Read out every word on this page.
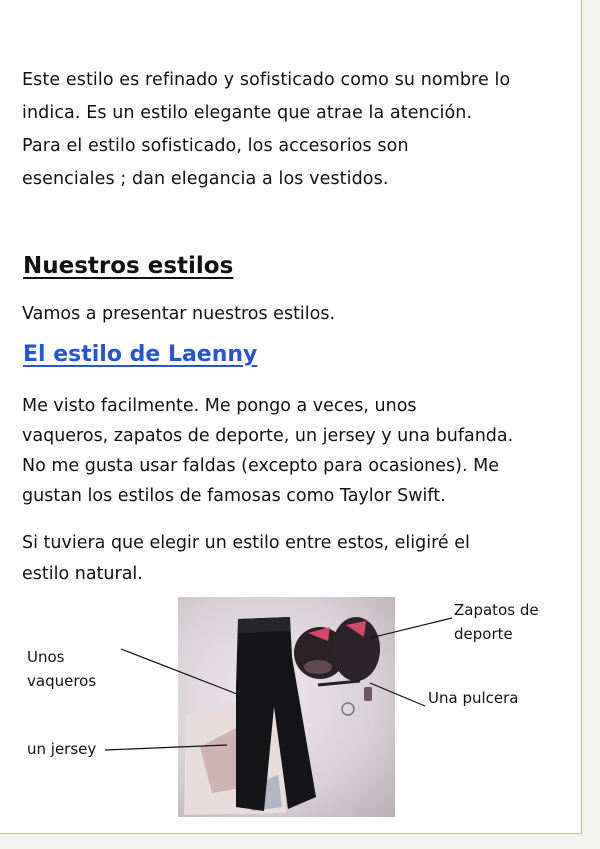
Este estilo es refinado y sofisticado como su nombre lo
indica. Es un estilo elegante que atrae la atención.
Para el estilo sofisticado, los accesorios son
esenciales ; dan elegancia a los vestidos.
Nuestros estilos

Vamos a presentar nuestros estilos.

El estilo de Laenny
Me visto facilmente. Me pongo a veces, unos
vaqueros, zapatos de deporte, un jersey y una bufanda.
No me gusta usar faldas (excepto para ocasiones). Me
gustan los estilos de famosas como Taylor Swift.
Si tuviera que elegir un estilo entre estos, eligiré el
estilo natural.
Zapatos de
deporte
Unos
vaqueros
Una pulcera
un jersey
